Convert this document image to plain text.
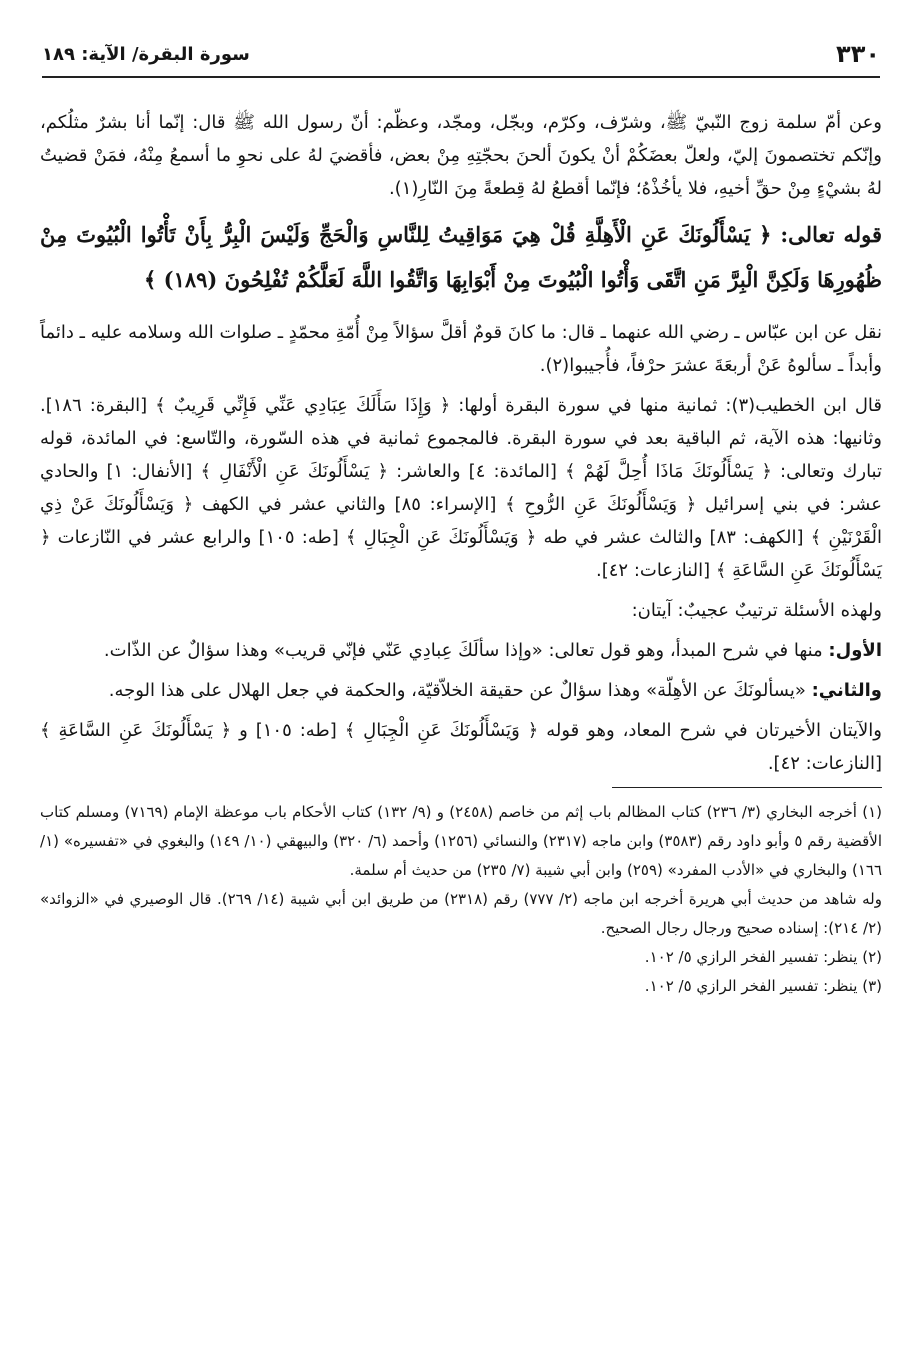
٣٣٠
سورة البقرة/ الآية: ١٨٩

وعن أمّ سلمة زوج النّبيّ ﷺ، وشرّف، وكرّم، وبجّل، ومجّد، وعظّم: أنّ رسول الله ﷺ قال: إنّما أنا بشرٌ مثلُكم، وإنّكم تختصمونَ إليّ، ولعلّ بعضَكُمْ أنْ يكونَ ألحنَ بحجّتِهِ مِنْ بعض، فأقضيَ لهُ على نحوِ ما أسمعُ مِنْهُ، فمَنْ قضيتُ لهُ بشيْءٍ مِنْ حقِّ أخيهِ، فلا يأخُذْهُ؛ فإنّما أقطعُ لهُ قِطعةً مِنَ النّارِ(١).

قوله تعالى: ﴿ يَسْأَلُونَكَ عَنِ الْأَهِلَّةِ قُلْ هِيَ مَوَاقِيتُ لِلنَّاسِ وَالْحَجِّ وَلَيْسَ الْبِرُّ بِأَنْ تَأْتُوا الْبُيُوتَ مِنْ ظُهُورِهَا وَلَكِنَّ الْبِرَّ مَنِ اتَّقَى وَأْتُوا الْبُيُوتَ مِنْ أَبْوَابِهَا وَاتَّقُوا اللَّهَ لَعَلَّكُمْ تُفْلِحُونَ (١٨٩) ﴾

نقل عن ابن عبّاس ـ رضي الله عنهما ـ قال: ما كانَ قومٌ أقلَّ سؤالاً مِنْ أُمّةِ محمّدٍ ـ صلوات الله وسلامه عليه ـ دائماً وأبداً ـ سألوهُ عَنْ أربعَةَ عشرَ حرْفاً، فأُجيبوا(٢).

قال ابن الخطيب(٣): ثمانية منها في سورة البقرة أولها: ﴿ وَإِذَا سَأَلَكَ عِبَادِي عَنِّي فَإِنِّي قَرِيبٌ ﴾ [البقرة: ١٨٦]. وثانيها: هذه الآية، ثم الباقية بعد في سورة البقرة. فالمجموع ثمانية في هذه السّورة، والتّاسع: في المائدة، قوله تبارك وتعالى: ﴿ يَسْأَلُونَكَ مَاذَا أُحِلَّ لَهُمْ ﴾ [المائدة: ٤] والعاشر: ﴿ يَسْأَلُونَكَ عَنِ الْأَنْفَالِ ﴾ [الأنفال: ١] والحادي عشر: في بني إسرائيل ﴿ وَيَسْأَلُونَكَ عَنِ الرُّوحِ ﴾ [الإسراء: ٨٥] والثاني عشر في الكهف ﴿ وَيَسْأَلُونَكَ عَنْ ذِي الْقَرْنَيْنِ ﴾ [الكهف: ٨٣] والثالث عشر في طه ﴿ وَيَسْأَلُونَكَ عَنِ الْجِبَالِ ﴾ [طه: ١٠٥] والرابع عشر في النّازعات ﴿ يَسْأَلُونَكَ عَنِ السَّاعَةِ ﴾ [النازعات: ٤٢].

ولهذه الأسئلة ترتيبٌ عجيبٌ: آيتان:

الأول: منها في شرح المبدأ، وهو قول تعالى: «وإذا سألَكَ عِبادِي عَنّي فإنّي قريب» وهذا سؤالٌ عن الذّات.

والثاني: «يسألونَكَ عن الأهِلّة» وهذا سؤالٌ عن حقيقة الخلاّقيّة، والحكمة في جعل الهلال على هذا الوجه.

والآيتان الأخيرتان في شرح المعاد، وهو قوله ﴿ وَيَسْأَلُونَكَ عَنِ الْجِبَالِ ﴾ [طه: ١٠٥] و ﴿ يَسْأَلُونَكَ عَنِ السَّاعَةِ ﴾ [النازعات: ٤٢].

(١) أخرجه البخاري (٣/ ٢٣٦) كتاب المظالم باب إثم من خاصم (٢٤٥٨) و (٩/ ١٣٢) كتاب الأحكام باب موعظة الإمام (٧١٦٩) ومسلم كتاب الأقضية رقم ٥ وأبو داود رقم (٣٥٨٣) وابن ماجه (٢٣١٧) والنسائي (١٢٥٦) وأحمد (٦/ ٣٢٠) والبيهقي (١٠/ ١٤٩) والبغوي في «تفسيره» (١/ ١٦٦) والبخاري في «الأدب المفرد» (٢٥٩) وابن أبي شيبة (٧/ ٢٣٥) من حديث أم سلمة.

وله شاهد من حديث أبي هريرة أخرجه ابن ماجه (٢/ ٧٧٧) رقم (٢٣١٨) من طريق ابن أبي شيبة (١٤/ ٢٦٩). قال الوصيري في «الزوائد» (٢/ ٢١٤): إسناده صحيح ورجال رجال الصحيح.

(٢) ينظر: تفسير الفخر الرازي ٥/ ١٠٢.

(٣) ينظر: تفسير الفخر الرازي ٥/ ١٠٢.
